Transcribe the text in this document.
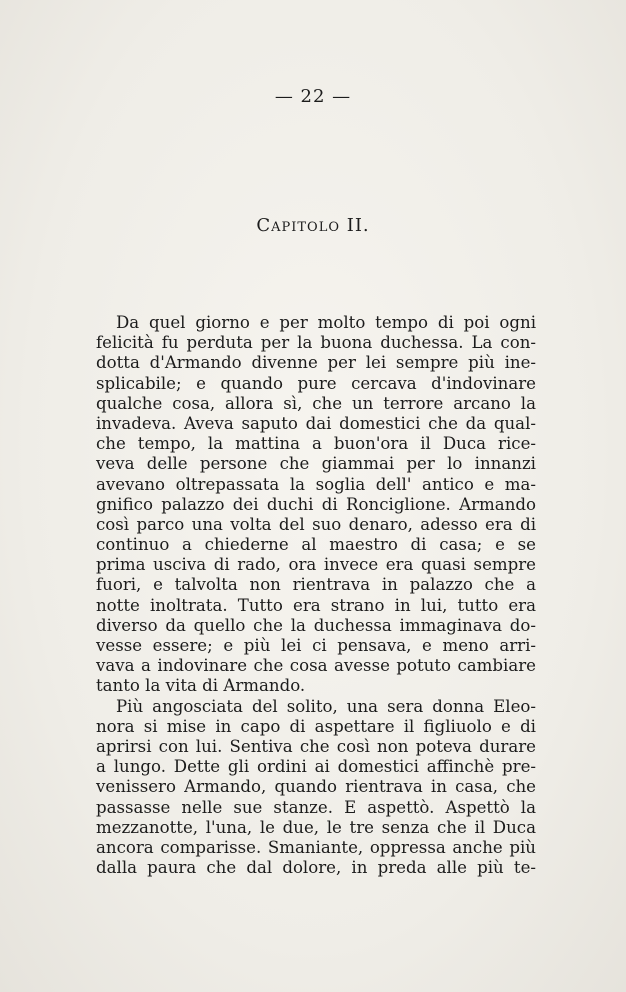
— 22 —
Capitolo II.
Da quel giorno e per molto tempo di poi ogni
felicità fu perduta per la buona duchessa. La con-
dotta d'Armando divenne per lei sempre più ine-
splicabile; e quando pure cercava d'indovinare
qualche cosa, allora sì, che un terrore arcano la
invadeva. Aveva saputo dai domestici che da qual-
che tempo, la mattina a buon'ora il Duca rice-
veva delle persone che giammai per lo innanzi
avevano oltrepassata la soglia dell' antico e ma-
gnifico palazzo dei duchi di Ronciglione. Armando
così parco una volta del suo denaro, adesso era di
continuo a chiederne al maestro di casa; e se
prima usciva di rado, ora invece era quasi sempre
fuori, e talvolta non rientrava in palazzo che a
notte inoltrata. Tutto era strano in lui, tutto era
diverso da quello che la duchessa immaginava do-
vesse essere; e più lei ci pensava, e meno arri-
vava a indovinare che cosa avesse potuto cambiare
tanto la vita di Armando.
Più angosciata del solito, una sera donna Eleo-
nora si mise in capo di aspettare il figliuolo e di
aprirsi con lui. Sentiva che così non poteva durare
a lungo. Dette gli ordini ai domestici affinchè pre-
venissero Armando, quando rientrava in casa, che
passasse nelle sue stanze. E aspettò. Aspettò la
mezzanotte, l'una, le due, le tre senza che il Duca
ancora comparisse. Smaniante, oppressa anche più
dalla paura che dal dolore, in preda alle più te-
